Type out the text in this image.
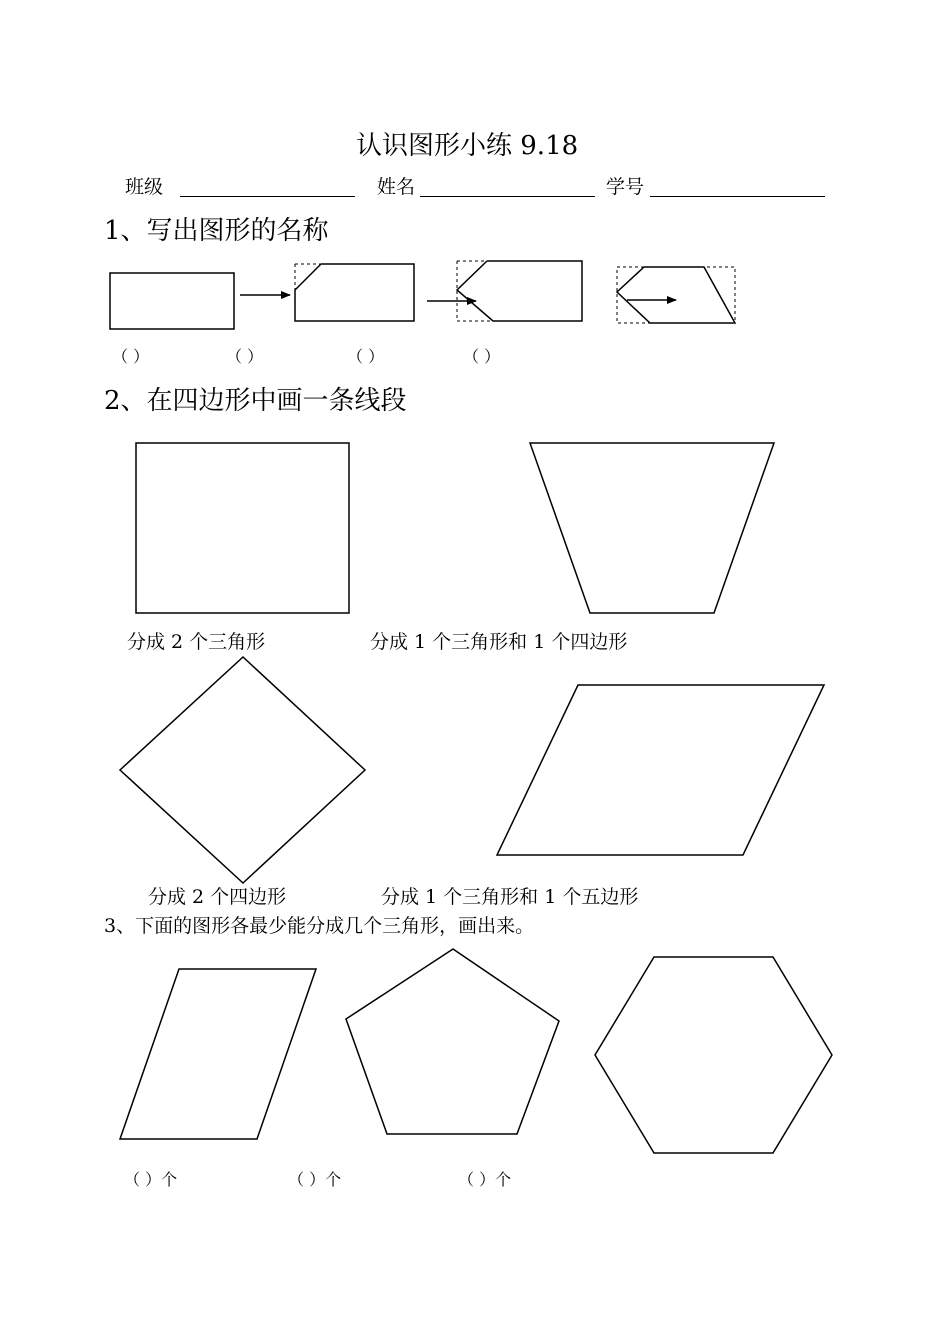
认识图形小练 9.18
班级	姓名	学号
1、写出图形的名称
（ ）	（ ）	（ ）	（ ）
2、在四边形中画一条线段
分成 2 个三角形	分成 1 个三角形和 1 个四边形
分成 2 个四边形	分成 1 个三角形和 1 个五边形
3、下面的图形各最少能分成几个三角形，画出来。
（ ）个	（ ）个	（ ）个
